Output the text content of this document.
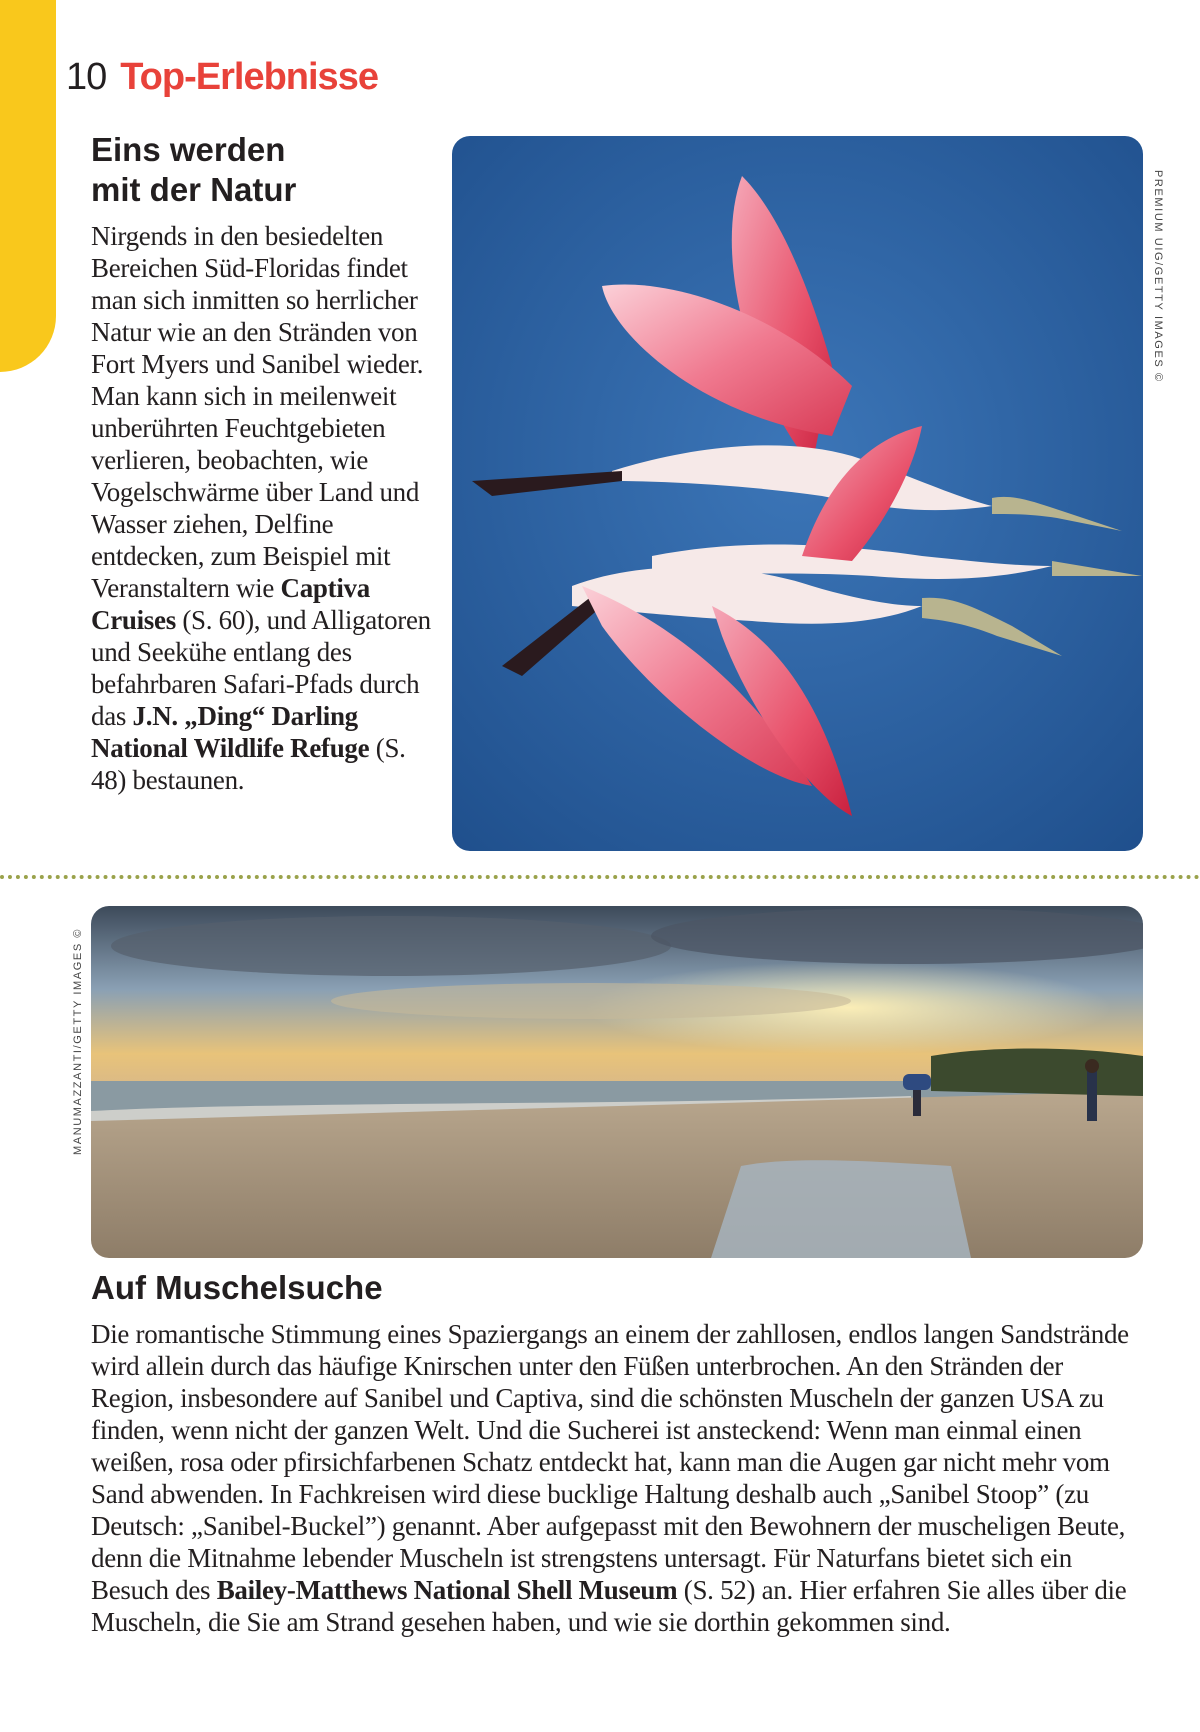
10 Top-Erlebnisse
Eins werden
mit der Natur

Nirgends in den besiedelten Bereichen Süd-Floridas findet man sich inmitten so herrlicher Natur wie an den Stränden von Fort Myers und Sanibel wieder. Man kann sich in meilenweit unberührten Feuchtgebieten verlieren, beobachten, wie Vogelschwärme über Land und Wasser ziehen, Delfine entdecken, zum Beispiel mit Veranstaltern wie Captiva Cruises (S. 60), und Alligatoren und Seekühe entlang des befahrbaren Safari-Pfads durch das J.N. „Ding“ Darling National Wildlife Refuge (S. 48) bestaunen.

PREMIUM UIG/GETTY IMAGES ©
MANUMAZZANTI/GETTY IMAGES ©
Auf Muschelsuche

Die romantische Stimmung eines Spaziergangs an einem der zahllosen, endlos langen Sandstrände wird allein durch das häufige Knirschen unter den Füßen unterbrochen. An den Stränden der Region, insbesondere auf Sanibel und Captiva, sind die schönsten Muscheln der ganzen USA zu finden, wenn nicht der ganzen Welt. Und die Sucherei ist ansteckend: Wenn man einmal einen weißen, rosa oder pfirsichfarbenen Schatz entdeckt hat, kann man die Augen gar nicht mehr vom Sand abwenden. In Fachkreisen wird diese bucklige Haltung deshalb auch „Sanibel Stoop” (zu Deutsch: „Sanibel-Buckel”) genannt. Aber aufgepasst mit den Bewohnern der muscheligen Beute, denn die Mitnahme lebender Muscheln ist strengstens untersagt. Für Naturfans bietet sich ein Besuch des Bailey-Matthews National Shell Museum (S. 52) an. Hier erfahren Sie alles über die Muscheln, die Sie am Strand gesehen haben, und wie sie dorthin gekommen sind.
